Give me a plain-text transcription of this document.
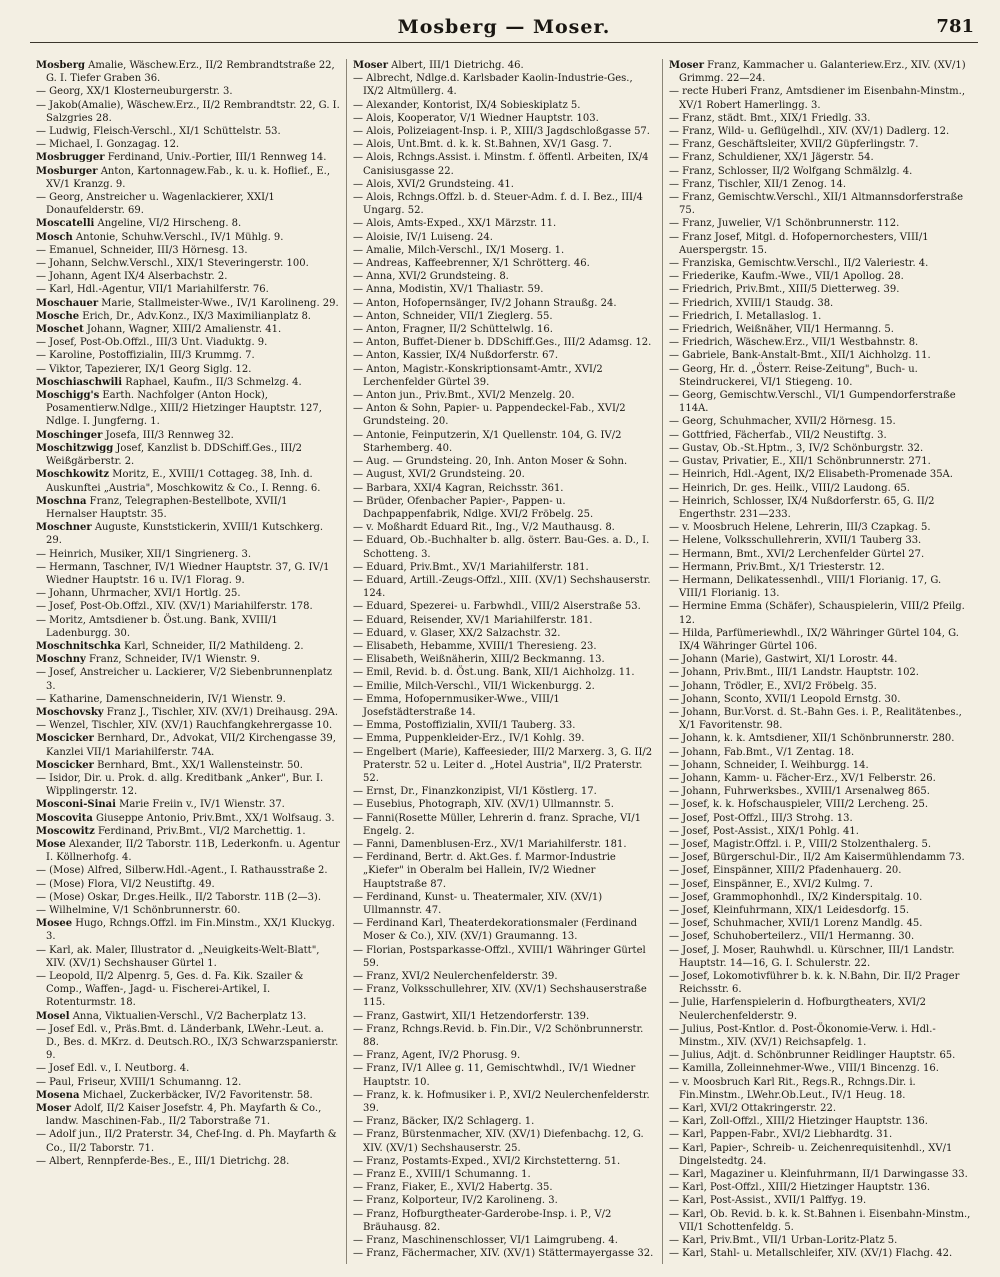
Mosberg — Moser.	781

Mosberg Amalie, Wäschew.Erz., II/2 Rembrandtstraße 22, G. I. Tiefer Graben 36.

— Georg, XX/1 Klosterneuburgerstr. 3.

— Jakob(Amalie), Wäschew.Erz., II/2 Rembrandtstr. 22, G. I. Salzgries 28.

— Ludwig, Fleisch-Verschl., XI/1 Schüttelstr. 53.

— Michael, I. Gonzagag. 12.

Mosbrugger Ferdinand, Univ.-Portier, III/1 Rennweg 14.

Mosburger Anton, Kartonnagew.Fab., k. u. k. Hoflief., E., XV/1 Kranzg. 9.

— Georg, Anstreicher u. Wagenlackierer, XXI/1 Donaufelderstr. 69.

Moscatelli Angeline, VI/2 Hirscheng. 8.

Mosch Antonie, Schuhw.Verschl., IV/1 Mühlg. 9.

— Emanuel, Schneider, III/3 Hörnesg. 13.

— Johann, Selchw.Verschl., XIX/1 Steveringerstr. 100.

— Johann, Agent IX/4 Alserbachstr. 2.

— Karl, Hdl.-Agentur, VII/1 Mariahilferstr. 76.

Moschauer Marie, Stallmeister-Wwe., IV/1 Karolineng. 29.

Mosche Erich, Dr., Adv.Konz., IX/3 Maximilianplatz 8.

Moschet Johann, Wagner, XIII/2 Amalienstr. 41.

— Josef, Post-Ob.Offzl., III/3 Unt. Viaduktg. 9.

— Karoline, Postoffizialin, III/3 Krummg. 7.

— Viktor, Tapezierer, IX/1 Georg Siglg. 12.

Moschiaschwili Raphael, Kaufm., II/3 Schmelzg. 4.

Moschigg's Earth. Nachfolger (Anton Hock), Posamentierw.Ndlge., XIII/2 Hietzinger Hauptstr. 127, Ndlge. I. Jungferng. 1.

Moschinger Josefa, III/3 Rennweg 32.

Moschitzwigg Josef, Kanzlist b. DDSchiff.Ges., III/2 Weißgärberstr. 2.

Moschkowitz Moritz, E., XVIII/1 Cottageg. 38, Inh. d. Auskunftei „Austria", Moschkowitz & Co., I. Renng. 6.

Moschna Franz, Telegraphen-Bestellbote, XVII/1 Hernalser Hauptstr. 35.

Moschner Auguste, Kunststickerin, XVIII/1 Kutschkerg. 29.

— Heinrich, Musiker, XII/1 Singrienerg. 3.

— Hermann, Taschner, IV/1 Wiedner Hauptstr. 37, G. IV/1 Wiedner Hauptstr. 16 u. IV/1 Florag. 9.

— Johann, Uhrmacher, XVI/1 Hortlg. 25.

— Josef, Post-Ob.Offzl., XIV. (XV/1) Mariahilferstr. 178.

— Moritz, Amtsdiener b. Öst.ung. Bank, XVIII/1 Ladenburgg. 30.

Moschnitschka Karl, Schneider, II/2 Mathildeng. 2.

Moschny Franz, Schneider, IV/1 Wienstr. 9.

— Josef, Anstreicher u. Lackierer, V/2 Siebenbrunnenplatz 3.

— Katharine, Damenschneiderin, IV/1 Wienstr. 9.

Moschovsky Franz J., Tischler, XIV. (XV/1) Dreihausg. 29A.

— Wenzel, Tischler, XIV. (XV/1) Rauchfangkehrergasse 10.

Moscicker Bernhard, Dr., Advokat, VII/2 Kirchengasse 39, Kanzlei VII/1 Mariahilferstr. 74A.

Moscicker Bernhard, Bmt., XX/1 Wallensteinstr. 50.

— Isidor, Dir. u. Prok. d. allg. Kreditbank „Anker", Bur. I. Wipplingerstr. 12.

Mosconi-Sinai Marie Freiin v., IV/1 Wienstr. 37.

Moscovita Giuseppe Antonio, Priv.Bmt., XX/1 Wolfsaug. 3.

Moscowitz Ferdinand, Priv.Bmt., VI/2 Marchettig. 1.

Mose Alexander, II/2 Taborstr. 11B, Lederkonfn. u. Agentur I. Köllnerhofg. 4.

— (Mose) Alfred, Silberw.Hdl.-Agent., I. Rathausstraße 2.

— (Mose) Flora, VI/2 Neustiftg. 49.

— (Mose) Oskar, Dr.ges.Heilk., II/2 Taborstr. 11B (2—3).

— Wilhelmine, V/1 Schönbrunnerstr. 60.

Mosee Hugo, Rchngs.Offzl. im Fin.Minstm., XX/1 Kluckyg. 3.

— Karl, ak. Maler, Illustrator d. „Neuigkeits-Welt-Blatt", XIV. (XV/1) Sechshauser Gürtel 1.

— Leopold, II/2 Alpenrg. 5, Ges. d. Fa. Kik. Szailer & Comp., Waffen-, Jagd- u. Fischerei-Artikel, I. Rotenturmstr. 18.

Mosel Anna, Viktualien-Verschl., V/2 Bacherplatz 13.

— Josef Edl. v., Präs.Bmt. d. Länderbank, LWehr.-Leut. a. D., Bes. d. MKrz. d. Deutsch.RO., IX/3 Schwarzspanierstr. 9.

— Josef Edl. v., I. Neutborg. 4.

— Paul, Friseur, XVIII/1 Schumanng. 12.

Mosena Michael, Zuckerbäcker, IV/2 Favoritenstr. 58.

Moser Adolf, II/2 Kaiser Josefstr. 4, Ph. Mayfarth & Co., landw. Maschinen-Fab., II/2 Taborstraße 71.

— Adolf jun., II/2 Praterstr. 34, Chef-Ing. d. Ph. Mayfarth & Co., II/2 Taborstr. 71.

— Albert, Rennpferde-Bes., E., III/1 Dietrichg. 28.

Moser Albert, III/1 Dietrichg. 46.

— Albrecht, Ndlge.d. Karlsbader Kaolin-Industrie-Ges., IX/2 Altmüllerg. 4.

— Alexander, Kontorist, IX/4 Sobieskiplatz 5.

— Alois, Kooperator, V/1 Wiedner Hauptstr. 103.

— Alois, Polizeiagent-Insp. i. P., XIII/3 Jagdschloßgasse 57.

— Alois, Unt.Bmt. d. k. k. St.Bahnen, XV/1 Gasg. 7.

— Alois, Rchngs.Assist. i. Minstm. f. öffentl. Arbeiten, IX/4 Canisiusgasse 22.

— Alois, XVI/2 Grundsteing. 41.

— Alois, Rchngs.Offzl. b. d. Steuer-Adm. f. d. I. Bez., III/4 Ungarg. 52.

— Alois, Amts-Exped., XX/1 Märzstr. 11.

— Aloisie, IV/1 Luiseng. 24.

— Amalie, Milch-Verschl., IX/1 Moserg. 1.

— Andreas, Kaffeebrenner, X/1 Schrötterg. 46.

— Anna, XVI/2 Grundsteing. 8.

— Anna, Modistin, XV/1 Thaliastr. 59.

— Anton, Hofopernsänger, IV/2 Johann Straußg. 24.

— Anton, Schneider, VII/1 Zieglerg. 55.

— Anton, Fragner, II/2 Schüttelwlg. 16.

— Anton, Buffet-Diener b. DDSchiff.Ges., III/2 Adamsg. 12.

— Anton, Kassier, IX/4 Nußdorferstr. 67.

— Anton, Magistr.-Konskriptionsamt-Amtr., XVI/2 Lerchenfelder Gürtel 39.

— Anton jun., Priv.Bmt., XVI/2 Menzelg. 20.

— Anton & Sohn, Papier- u. Pappendeckel-Fab., XVI/2 Grundsteing. 20.

— Antonie, Feinputzerin, X/1 Quellenstr. 104, G. IV/2 Starhemberg. 40.

— Aug. — Grundsteing. 20, Inh. Anton Moser & Sohn.

— August, XVI/2 Grundsteing. 20.

— Barbara, XXI/4 Kagran, Reichsstr. 361.

— Brüder, Ofenbacher Papier-, Pappen- u. Dachpappenfabrik, Ndlge. XVI/2 Fröbelg. 25.

— v. Moßhardt Eduard Rit., Ing., V/2 Mauthausg. 8.

— Eduard, Ob.-Buchhalter b. allg. österr. Bau-Ges. a. D., I. Schotteng. 3.

— Eduard, Priv.Bmt., XV/1 Mariahilferstr. 181.

— Eduard, Artill.-Zeugs-Offzl., XIII. (XV/1) Sechshauserstr. 124.

— Eduard, Spezerei- u. Farbwhdl., VIII/2 Alserstraße 53.

— Eduard, Reisender, XV/1 Mariahilferstr. 181.

— Eduard, v. Glaser, XX/2 Salzachstr. 32.

— Elisabeth, Hebamme, XVIII/1 Theresieng. 23.

— Elisabeth, Weißnäherin, XIII/2 Beckmanng. 13.

— Emil, Revid. b. d. Öst.ung. Bank, XII/1 Aichholzg. 11.

— Emilie, Milch-Verschl., VII/1 Wickenburgg. 2.

— Emma, Hofopernmusiker-Wwe., VIII/1 Josefstädterstraße 14.

— Emma, Postoffizialin, XVII/1 Tauberg. 33.

— Emma, Puppenkleider-Erz., IV/1 Kohlg. 39.

— Engelbert (Marie), Kaffeesieder, III/2 Marxerg. 3, G. II/2 Praterstr. 52 u. Leiter d. „Hotel Austria", II/2 Praterstr. 52.

— Ernst, Dr., Finanzkonzipist, VI/1 Köstlerg. 17.

— Eusebius, Photograph, XIV. (XV/1) Ullmannstr. 5.

— Fanni(Rosette Müller, Lehrerin d. franz. Sprache, VI/1 Engelg. 2.

— Fanni, Damenblusen-Erz., XV/1 Mariahilferstr. 181.

— Ferdinand, Bertr. d. Akt.Ges. f. Marmor-Industrie „Kiefer" in Oberalm bei Hallein, IV/2 Wiedner Hauptstraße 87.

— Ferdinand, Kunst- u. Theatermaler, XIV. (XV/1) Ullmannstr. 47.

— Ferdinand Karl, Theaterdekorationsmaler (Ferdinand Moser & Co.), XIV. (XV/1) Graumanng. 13.

— Florian, Postsparkasse-Offzl., XVIII/1 Währinger Gürtel 59.

— Franz, XVI/2 Neulerchenfelderstr. 39.

— Franz, Volksschullehrer, XIV. (XV/1) Sechshauserstraße 115.

— Franz, Gastwirt, XII/1 Hetzendorferstr. 139.

— Franz, Rchngs.Revid. b. Fin.Dir., V/2 Schönbrunnerstr. 88.

— Franz, Agent, IV/2 Phorusg. 9.

— Franz, IV/1 Allee g. 11, Gemischtwhdl., IV/1 Wiedner Hauptstr. 10.

— Franz, k. k. Hofmusiker i. P., XVI/2 Neulerchenfelderstr. 39.

— Franz, Bäcker, IX/2 Schlagerg. 1.

— Franz, Bürstenmacher, XIV. (XV/1) Diefenbachg. 12, G. XIV. (XV/1) Sechshauserstr. 25.

— Franz, Postamts-Exped., XVI/2 Kirchstetterng. 51.

— Franz E., XVIII/1 Schumanng. 1.

— Franz, Fiaker, E., XVI/2 Habertg. 35.

— Franz, Kolporteur, IV/2 Karolineng. 3.

— Franz, Hofburgtheater-Garderobe-Insp. i. P., V/2 Bräuhausg. 82.

— Franz, Maschinenschlosser, VI/1 Laimgrubeng. 4.

— Franz, Fächermacher, XIV. (XV/1) Stättermayergasse 32.

Moser Franz, Kammacher u. Galanteriew.Erz., XIV. (XV/1) Grimmg. 22—24.

— recte Huberi Franz, Amtsdiener im Eisenbahn-Minstm., XV/1 Robert Hamerlingg. 3.

— Franz, städt. Bmt., XIX/1 Friedlg. 33.

— Franz, Wild- u. Geflügelhdl., XIV. (XV/1) Dadlerg. 12.

— Franz, Geschäftsleiter, XVII/2 Güpferlingstr. 7.

— Franz, Schuldiener, XX/1 Jägerstr. 54.

— Franz, Schlosser, II/2 Wolfgang Schmälzlg. 4.

— Franz, Tischler, XII/1 Zenog. 14.

— Franz, Gemischtw.Verschl., XII/1 Altmannsdorferstraße 75.

— Franz, Juwelier, V/1 Schönbrunnerstr. 112.

— Franz Josef, Mitgl. d. Hofopernorchesters, VIII/1 Auerspergstr. 15.

— Franziska, Gemischtw.Verschl., II/2 Valeriestr. 4.

— Friederike, Kaufm.-Wwe., VII/1 Apollog. 28.

— Friedrich, Priv.Bmt., XIII/5 Dietterweg. 39.

— Friedrich, XVIII/1 Staudg. 38.

— Friedrich, I. Metallaslog. 1.

— Friedrich, Weißnäher, VII/1 Hermanng. 5.

— Friedrich, Wäschew.Erz., VII/1 Westbahnstr. 8.

— Gabriele, Bank-Anstalt-Bmt., XII/1 Aichholzg. 11.

— Georg, Hr. d. „Österr. Reise-Zeitung", Buch- u. Steindruckerei, VI/1 Stiegeng. 10.

— Georg, Gemischtw.Verschl., VI/1 Gumpendorferstraße 114A.

— Georg, Schuhmacher, XVII/2 Hörnesg. 15.

— Gottfried, Fächerfab., VII/2 Neustiftg. 3.

— Gustav, Ob.-St.Hptm., 3, IV/2 Schönburgstr. 32.

— Gustav, Privatier, E., XII/1 Schönbrunnerstr. 271.

— Heinrich, Hdl.-Agent, IX/2 Elisabeth-Promenade 35A.

— Heinrich, Dr. ges. Heilk., VIII/2 Laudong. 65.

— Heinrich, Schlosser, IX/4 Nußdorferstr. 65, G. II/2 Engerthstr. 231—233.

— v. Moosbruch Helene, Lehrerin, III/3 Czapkag. 5.

— Helene, Volksschullehrerin, XVII/1 Tauberg 33.

— Hermann, Bmt., XVI/2 Lerchenfelder Gürtel 27.

— Hermann, Priv.Bmt., X/1 Triesterstr. 12.

— Hermann, Delikatessenhdl., VIII/1 Florianig. 17, G. VIII/1 Florianig. 13.

— Hermine Emma (Schäfer), Schauspielerin, VIII/2 Pfeilg. 12.

— Hilda, Parfümeriewhdl., IX/2 Währinger Gürtel 104, G. IX/4 Währinger Gürtel 106.

— Johann (Marie), Gastwirt, XI/1 Lorostr. 44.

— Johann, Priv.Bmt., III/1 Landstr. Hauptstr. 102.

— Johann, Trödler, E., XVI/2 Fröbelg. 35.

— Johann, Sconto, XVII/1 Leopold Ernstg. 30.

— Johann, Bur.Vorst. d. St.-Bahn Ges. i. P., Realitätenbes., X/1 Favoritenstr. 98.

— Johann, k. k. Amtsdiener, XII/1 Schönbrunnerstr. 280.

— Johann, Fab.Bmt., V/1 Zentag. 18.

— Johann, Schneider, I. Weihburgg. 14.

— Johann, Kamm- u. Fächer-Erz., XV/1 Felberstr. 26.

— Johann, Fuhrwerksbes., XVIII/1 Arsenalweg 865.

— Josef, k. k. Hofschauspieler, VIII/2 Lercheng. 25.

— Josef, Post-Offzl., III/3 Strohg. 13.

— Josef, Post-Assist., XIX/1 Pohlg. 41.

— Josef, Magistr.Offzl. i. P., VIII/2 Stolzenthalerg. 5.

— Josef, Bürgerschul-Dir., II/2 Am Kaisermühlendamm 73.

— Josef, Einspänner, XIII/2 Pfadenhauerg. 20.

— Josef, Einspänner, E., XVI/2 Kulmg. 7.

— Josef, Grammophonhdl., IX/2 Kinderspitalg. 10.

— Josef, Kleinfuhrmann, XIX/1 Leidesdorfg. 15.

— Josef, Schuhmacher, XVII/1 Lorenz Mandlg. 45.

— Josef, Schuhoberteilerz., VII/1 Hermanng. 30.

— Josef, J. Moser, Rauhwhdl. u. Kürschner, III/1 Landstr. Hauptstr. 14—16, G. I. Schulerstr. 22.

— Josef, Lokomotivführer b. k. k. N.Bahn, Dir. II/2 Prager Reichsstr. 6.

— Julie, Harfenspielerin d. Hofburgtheaters, XVI/2 Neulerchenfelderstr. 9.

— Julius, Post-Kntlor. d. Post-Ökonomie-Verw. i. Hdl.-Minstm., XIV. (XV/1) Reichsapfelg. 1.

— Julius, Adjt. d. Schönbrunner Reidlinger Hauptstr. 65.

— Kamilla, Zolleinnehmer-Wwe., VIII/1 Bincenzg. 16.

— v. Moosbruch Karl Rit., Regs.R., Rchngs.Dir. i. Fin.Minstm., LWehr.Ob.Leut., IV/1 Heug. 18.

— Karl, XVI/2 Ottakringerstr. 22.

— Karl, Zoll-Offzl., XIII/2 Hietzinger Hauptstr. 136.

— Karl, Pappen-Fabr., XVI/2 Liebhardtg. 31.

— Karl, Papier-, Schreib- u. Zeichenrequisitenhdl., XV/1 Dingelstedtg. 24.

— Karl, Magaziner u. Kleinfuhrmann, II/1 Darwingasse 33.

— Karl, Post-Offzl., XIII/2 Hietzinger Hauptstr. 136.

— Karl, Post-Assist., XVII/1 Palffyg. 19.

— Karl, Ob. Revid. b. k. k. St.Bahnen i. Eisenbahn-Minstm., VII/1 Schottenfeldg. 5.

— Karl, Priv.Bmt., VII/1 Urban-Loritz-Platz 5.

— Karl, Stahl- u. Metallschleifer, XIV. (XV/1) Flachg. 42.
